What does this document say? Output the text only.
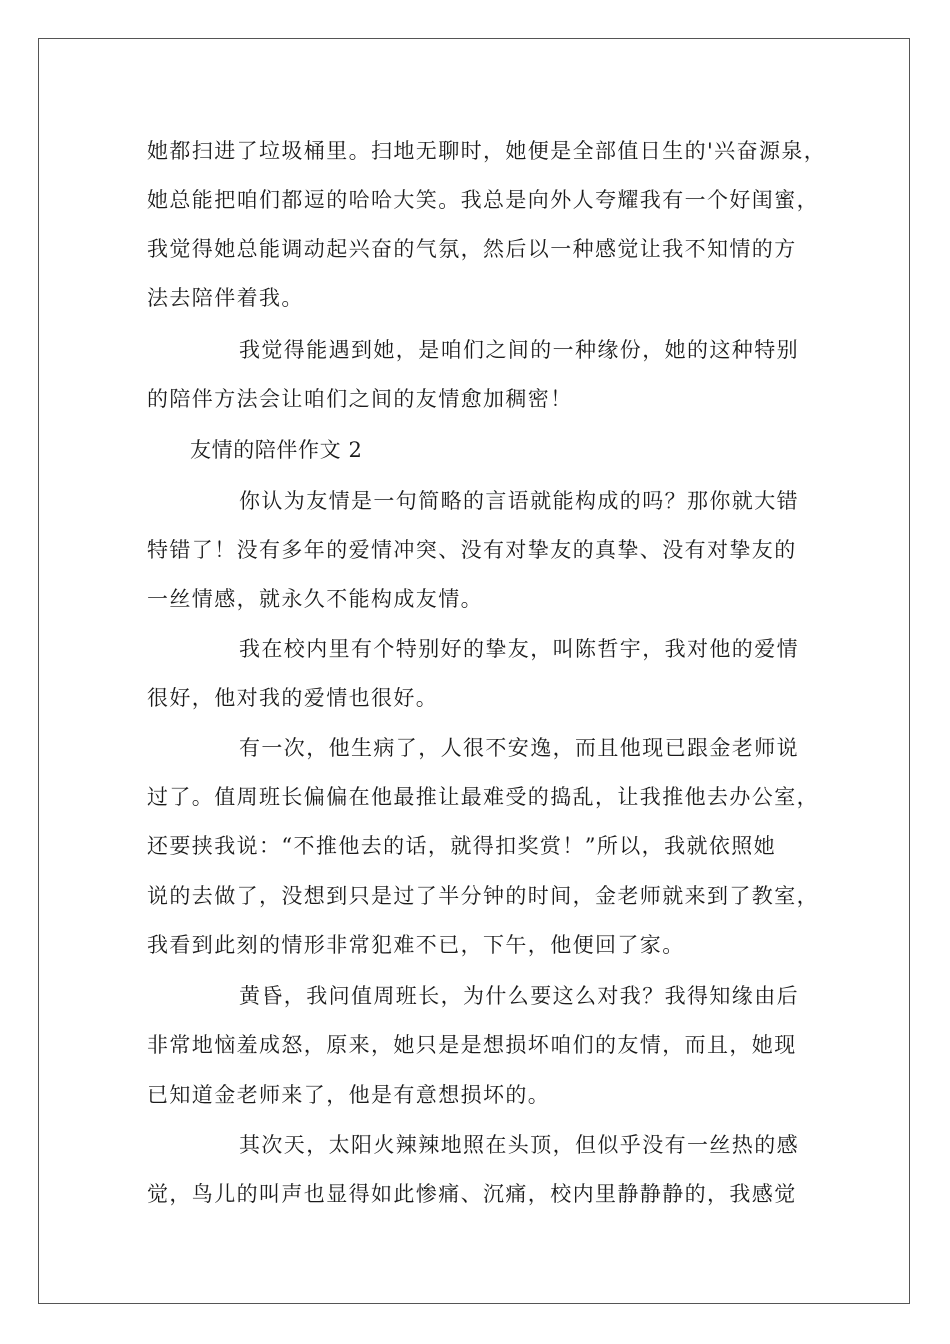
她都扫进了垃圾桶里。扫地无聊时，她便是全部值日生的'兴奋源泉，
她总能把咱们都逗的哈哈大笑。我总是向外人夸耀我有一个好闺蜜，
我觉得她总能调动起兴奋的气氛，然后以一种感觉让我不知情的方
法去陪伴着我。
我觉得能遇到她，是咱们之间的一种缘份，她的这种特别
的陪伴方法会让咱们之间的友情愈加稠密！
友情的陪伴作文 2
你认为友情是一句简略的言语就能构成的吗？那你就大错
特错了！没有多年的爱情冲突、没有对挚友的真挚、没有对挚友的
一丝情感，就永久不能构成友情。
我在校内里有个特别好的挚友，叫陈哲宇，我对他的爱情
很好，他对我的爱情也很好。
有一次，他生病了，人很不安逸，而且他现已跟金老师说
过了。值周班长偏偏在他最推让最难受的捣乱，让我推他去办公室，
还要挟我说：“不推他去的话，就得扣奖赏！”所以，我就依照她
说的去做了，没想到只是过了半分钟的时间，金老师就来到了教室，
我看到此刻的情形非常犯难不已，下午，他便回了家。
黄昏，我问值周班长，为什么要这么对我？我得知缘由后
非常地恼羞成怒，原来，她只是是想损坏咱们的友情，而且，她现
已知道金老师来了，他是有意想损坏的。
其次天，太阳火辣辣地照在头顶，但似乎没有一丝热的感
觉，鸟儿的叫声也显得如此惨痛、沉痛，校内里静静静的，我感觉
